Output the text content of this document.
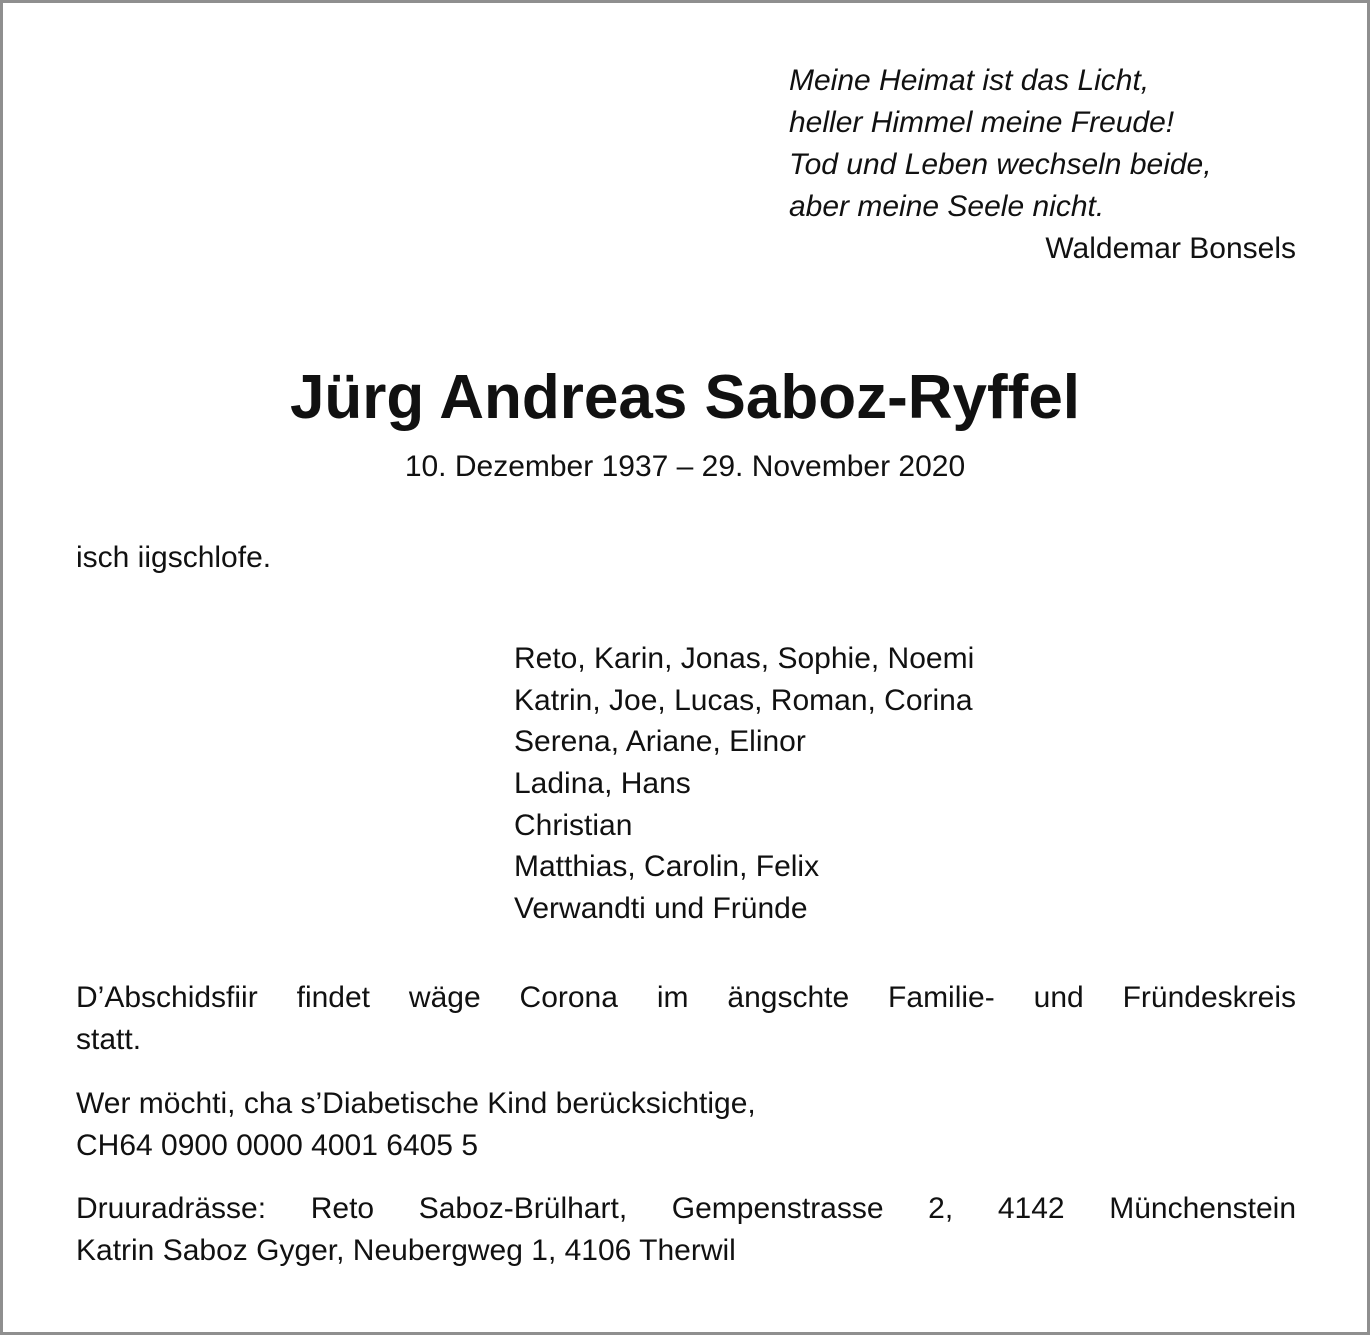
Meine Heimat ist das Licht,
heller Himmel meine Freude!
Tod und Leben wechseln beide,
aber meine Seele nicht.
Waldemar Bonsels
Jürg Andreas Saboz-Ryffel
10. Dezember 1937 – 29. November 2020
isch iigschlofe.
Reto, Karin, Jonas, Sophie, Noemi
Katrin, Joe, Lucas, Roman, Corina
Serena, Ariane, Elinor
Ladina, Hans
Christian
Matthias, Carolin, Felix
Verwandti und Fründe
D’Abschidsfiir findet wäge Corona im ängschte Familie- und Fründeskreis
statt.
Wer möchti, cha s’Diabetische Kind berücksichtige,
CH64 0900 0000 4001 6405 5
Druuradrässe: Reto Saboz-Brülhart, Gempenstrasse 2, 4142 Münchenstein
Katrin Saboz Gyger, Neubergweg 1, 4106 Therwil
